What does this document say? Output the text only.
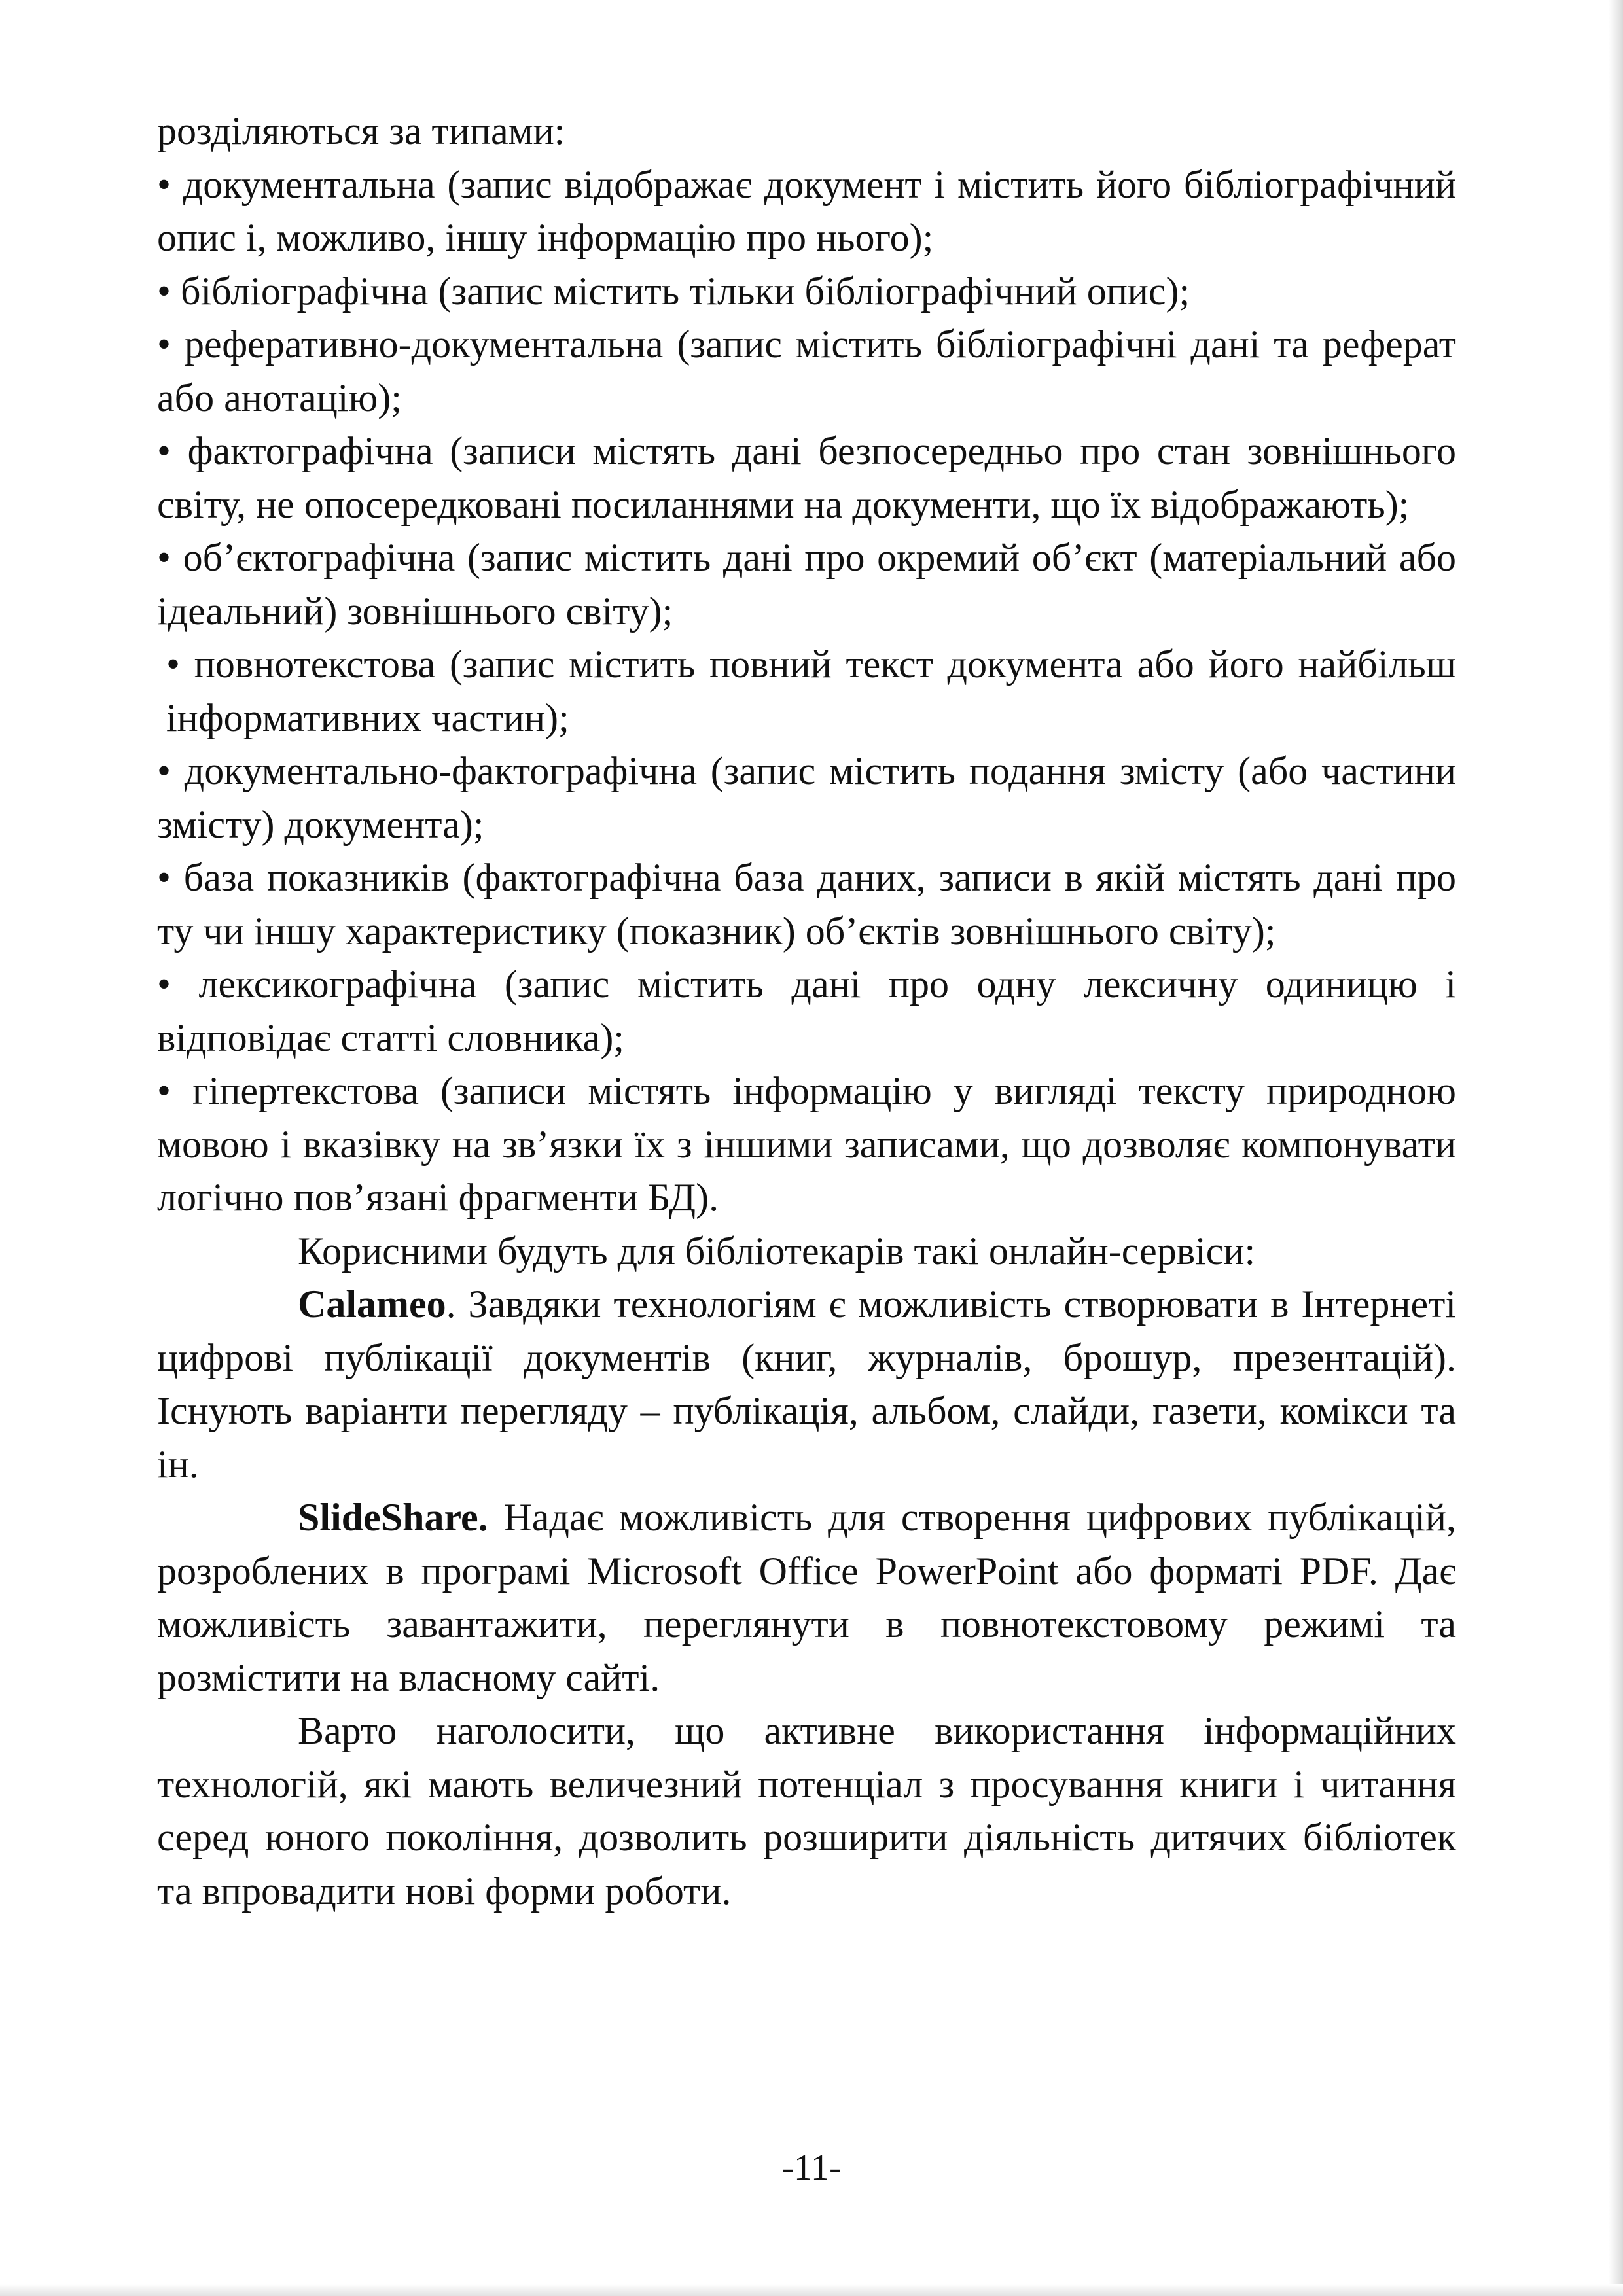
розділяються за типами:

• документальна (запис відображає документ і містить його бібліографічний опис і, можливо, іншу інформацію про нього);

• бібліографічна (запис містить тільки бібліографічний опис);

• реферативно-документальна (запис містить бібліографічні дані та реферат або анотацію);

• фактографічна (записи містять дані безпосередньо про стан зовнішнього світу, не опосередковані посиланнями на документи, що їх відображають);

• об’єктографічна (запис містить дані про окремий об’єкт (матеріальний або ідеальний) зовнішнього світу);

• повнотекстова (запис містить повний текст документа або його найбільш інформативних частин);

• документально-фактографічна (запис містить подання змісту (або частини змісту) документа);

• база показників (фактографічна база даних, записи в якій містять дані про ту чи іншу характеристику (показник) об’єктів зовнішнього світу);

• лексикографічна (запис містить дані про одну лексичну одиницю і відповідає статті словника);

• гіпертекстова (записи містять інформацію у вигляді тексту природною мовою і вказівку на зв’язки їх з іншими записами, що дозволяє компонувати логічно пов’язані фрагменти БД).

Корисними будуть для бібліотекарів такі онлайн-сервіси:

Calameo. Завдяки технологіям є можливість створювати в Інтернеті цифрові публікації документів (книг, журналів, брошур, презентацій). Існують варіанти перегляду – публікація, альбом, слайди, газети, комікси та ін.

SlideShare. Надає можливість для створення цифрових публікацій, розроблених в програмі Microsoft Office PowerPoint або форматі PDF. Дає можливість завантажити, переглянути в повнотекстовому режимі та розмістити на власному сайті.

Варто наголосити, що активне використання інформаційних технологій, які мають величезний потенціал з просування книги і читання серед юного покоління, дозволить розширити діяльність дитячих бібліотек та впровадити нові форми роботи.

-11-
